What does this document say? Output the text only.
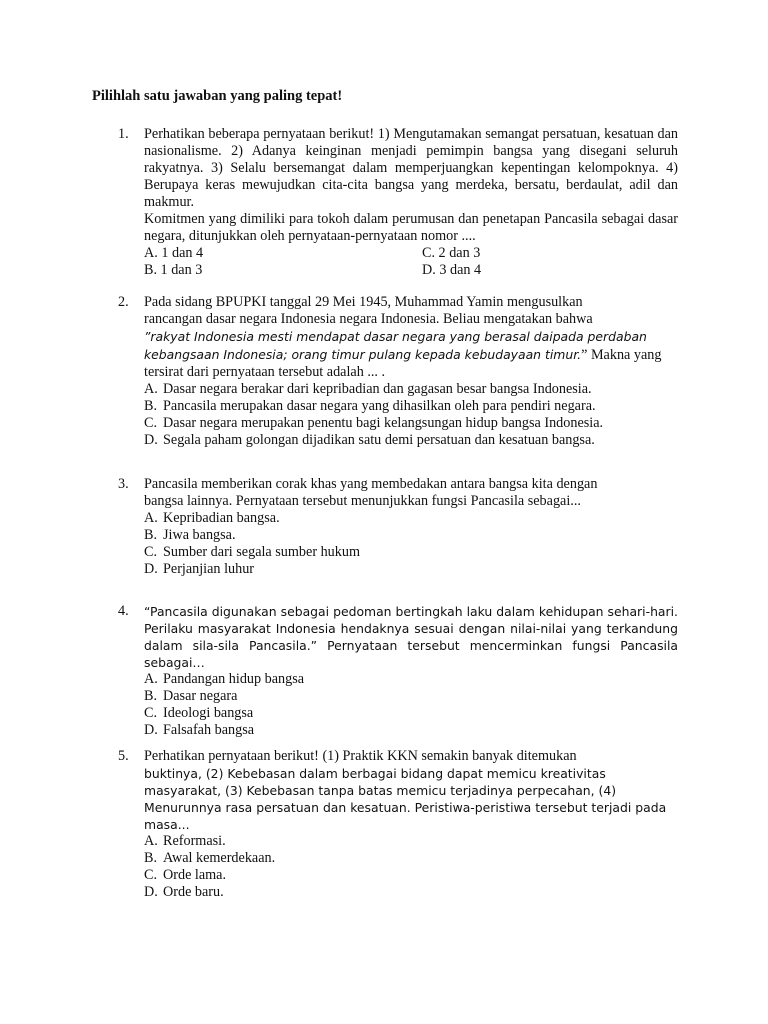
Pilihlah satu jawaban yang paling tepat!
1. Perhatikan beberapa pernyataan berikut! 1) Mengutamakan semangat persatuan, kesatuan dan nasionalisme. 2) Adanya keinginan menjadi pemimpin bangsa yang disegani seluruh rakyatnya. 3) Selalu bersemangat dalam memperjuangkan kepentingan kelompoknya. 4) Berupaya keras mewujudkan cita-cita bangsa yang merdeka, bersatu, berdaulat, adil dan makmur.
Komitmen yang dimiliki para tokoh dalam perumusan dan penetapan Pancasila sebagai dasar negara, ditunjukkan oleh pernyataan-pernyataan nomor ....
A. 1 dan 4	C. 2 dan 3
B. 1 dan 3	D. 3 dan 4
2. Pada sidang BPUPKI tanggal 29 Mei 1945, Muhammad Yamin mengusulkan
rancangan dasar negara Indonesia negara Indonesia. Beliau mengatakan bahwa
”rakyat Indonesia mesti mendapat dasar negara yang berasal daipada perdaban kebangsaan Indonesia; orang timur pulang kepada kebudayaan timur.” Makna yang
tersirat dari pernyataan tersebut adalah ... .
A. Dasar negara berakar dari kepribadian dan gagasan besar bangsa Indonesia.
B. Pancasila merupakan dasar negara yang dihasilkan oleh para pendiri negara.
C. Dasar negara merupakan penentu bagi kelangsungan hidup bangsa Indonesia.
D. Segala paham golongan dijadikan satu demi persatuan dan kesatuan bangsa.
3. Pancasila memberikan corak khas yang membedakan antara bangsa kita dengan
bangsa lainnya. Pernyataan tersebut menunjukkan fungsi Pancasila sebagai...
A. Kepribadian bangsa.
B. Jiwa bangsa.
C. Sumber dari segala sumber hukum
D. Perjanjian luhur
4. “Pancasila digunakan sebagai pedoman bertingkah laku dalam kehidupan sehari-hari. Perilaku masyarakat Indonesia hendaknya sesuai dengan nilai-nilai yang terkandung dalam sila-sila Pancasila.” Pernyataan tersebut mencerminkan fungsi Pancasila sebagai…
A. Pandangan hidup bangsa
B. Dasar negara
C. Ideologi bangsa
D. Falsafah bangsa
5. Perhatikan pernyataan berikut! (1) Praktik KKN semakin banyak ditemukan
buktinya, (2) Kebebasan dalam berbagai bidang dapat memicu kreativitas
masyarakat, (3) Kebebasan tanpa batas memicu terjadinya perpecahan, (4)
Menurunnya rasa persatuan dan kesatuan. Peristiwa-peristiwa tersebut terjadi pada
masa...
A. Reformasi.
B. Awal kemerdekaan.
C. Orde lama.
D. Orde baru.
